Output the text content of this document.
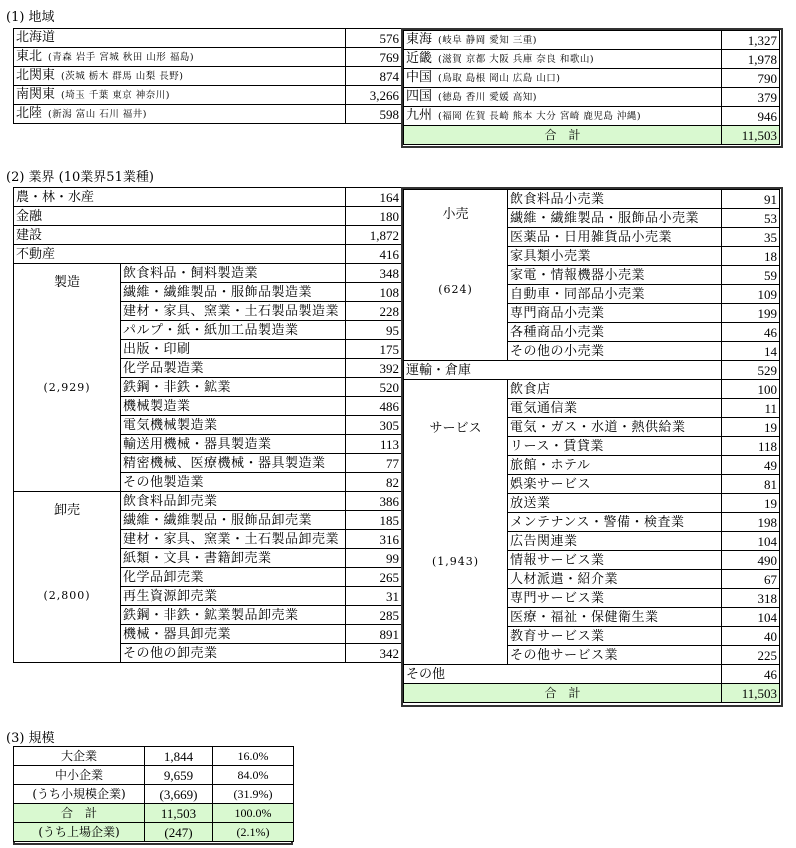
(1) 地域
北海道	576
東北 (青森 岩手 宮城 秋田 山形 福島)	769
北関東 (茨城 栃木 群馬 山梨 長野)	874
南関東 (埼玉 千葉 東京 神奈川)	3,266
北陸 (新潟 富山 石川 福井)	598
東海 (岐阜 静岡 愛知 三重)	1,327
近畿 (滋賀 京都 大阪 兵庫 奈良 和歌山)	1,978
中国 (鳥取 島根 岡山 広島 山口)	790
四国 (徳島 香川 愛媛 高知)	379
九州 (福岡 佐賀 長崎 熊本 大分 宮崎 鹿児島 沖縄)	946
合　計	11,503
(2) 業界 (10業界51業種)
農・林・水産		164
金融		180
建設		1,872
不動産		416

製造
(2,929)	飲食料品・飼料製造業	348
	繊維・繊維製品・服飾品製造業	108
	建材・家具、窯業・土石製品製造業	228
	パルプ・紙・紙加工品製造業	95
	出版・印刷	175
	化学品製造業	392
	鉄鋼・非鉄・鉱業	520
	機械製造業	486
	電気機械製造業	305
	輸送用機械・器具製造業	113
	精密機械、医療機械・器具製造業	77
	その他製造業	82

卸売
(2,800)	飲食料品卸売業	386
	繊維・繊維製品・服飾品卸売業	185
	建材・家具、窯業・土石製品卸売業	316
	紙類・文具・書籍卸売業	99
	化学品卸売業	265
	再生資源卸売業	31
	鉄鋼・非鉄・鉱業製品卸売業	285
	機械・器具卸売業	891
	その他の卸売業	342
小売
(624)	飲食料品小売業	91
	繊維・繊維製品・服飾品小売業	53
	医薬品・日用雑貨品小売業	35
	家具類小売業	18
	家電・情報機器小売業	59
	自動車・同部品小売業	109
	専門商品小売業	199
	各種商品小売業	46
	その他の小売業	14
運輸・倉庫		529

サービス
(1,943)	飲食店	100
	電気通信業	11
	電気・ガス・水道・熱供給業	19
	リース・賃貸業	118
	旅館・ホテル	49
	娯楽サービス	81
	放送業	19
	メンテナンス・警備・検査業	198
	広告関連業	104
	情報サービス業	490
	人材派遣・紹介業	67
	専門サービス業	318
	医療・福祉・保健衛生業	104
	教育サービス業	40
	その他サービス業	225
その他		46
合　計		11,503
(3) 規模
大企業	1,844	16.0%
中小企業	9,659	84.0%
(うち小規模企業)	(3,669)	(31.9%)
合　計	11,503	100.0%
(うち上場企業)	(247)	(2.1%)
